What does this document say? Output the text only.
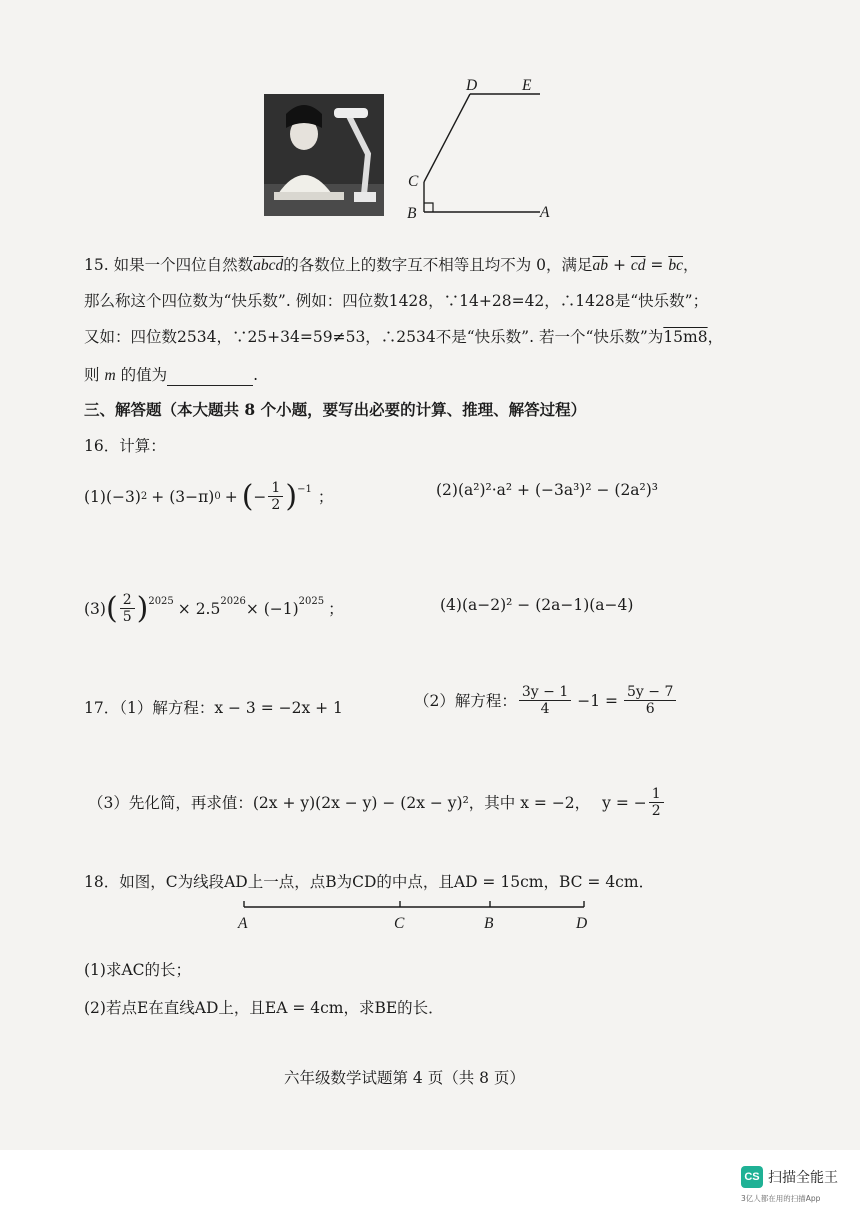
D	E
C
B	A
15. 如果一个四位自然数abcd的各数位上的数字互不相等且均不为 0，满足$\overline{ab} + \overline{cd} = \overline{bc}$，
那么称这个四位数为“快乐数”. 例如：四位数1428，∵14+28=42，∴1428是“快乐数”；
又如：四位数2534，∵25+34=59≠53，∴2534不是“快乐数”. 若一个“快乐数”为15m8，
则 m 的值为	.
三、解答题（本大题共 8 个小题，要写出必要的计算、推理、解答过程）
16．计算：
(1)(−3) 2 + (3−π) 0 + ( − $\frac{1}{2} )^{-1}$ ；	(2)(a²)²·a² + (−3a³)² − (2a²)³
(3) ( $\frac{2}{5} )^{2025} \times 2.5^{2026} \times (-1)^{2025}$ ；	(4)(a−2)² − (2a−1)(a−4)
17．（1）解方程：x − 3 = −2x + 1	（2）解方程： $\frac{3y - 1}{4} -1 = \frac{5y - 7}{6}$
（3）先化简，再求值：(2x + y)(2x − y) − (2x − y)²，其中 x = −2， y = − $\frac{1}{2}$
18．如图，C为线段AD上一点，点B为CD的中点，且AD = 15cm，BC = 4cm．
A	C	B	D
(1)求AC的长；
(2)若点E在直线AD上，且EA = 4cm，求BE的长．
六年级数学试题第 4 页（共 8 页）
CS 扫描全能王
3亿人都在用的扫描App
